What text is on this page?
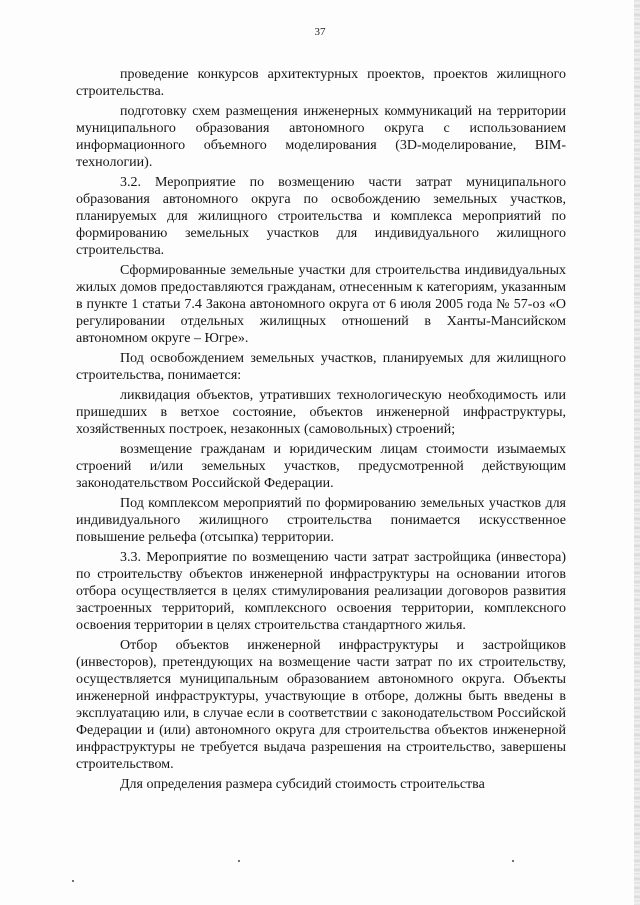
37

проведение конкурсов архитектурных проектов, проектов жилищного строительства.

подготовку схем размещения инженерных коммуникаций на территории муниципального образования автономного округа с использованием информационного объемного моделирования (3D-моделирование, BIM-технологии).

3.2. Мероприятие по возмещению части затрат муниципального образования автономного округа по освобождению земельных участков, планируемых для жилищного строительства и комплекса мероприятий по формированию земельных участков для индивидуального жилищного строительства.

Сформированные земельные участки для строительства индивидуальных жилых домов предоставляются гражданам, отнесенным к категориям, указанным в пункте 1 статьи 7.4 Закона автономного округа от 6 июля 2005 года № 57-оз «О регулировании отдельных жилищных отношений в Ханты-Мансийском автономном округе – Югре».

Под освобождением земельных участков, планируемых для жилищного строительства, понимается:

ликвидация объектов, утративших технологическую необходимость или пришедших в ветхое состояние, объектов инженерной инфраструктуры, хозяйственных построек, незаконных (самовольных) строений;

возмещение гражданам и юридическим лицам стоимости изымаемых строений и/или земельных участков, предусмотренной действующим законодательством Российской Федерации.

Под комплексом мероприятий по формированию земельных участков для индивидуального жилищного строительства понимается искусственное повышение рельефа (отсыпка) территории.

3.3. Мероприятие по возмещению части затрат застройщика (инвестора) по строительству объектов инженерной инфраструктуры на основании итогов отбора осуществляется в целях стимулирования реализации договоров развития застроенных территорий, комплексного освоения территории, комплексного освоения территории в целях строительства стандартного жилья.

Отбор объектов инженерной инфраструктуры и застройщиков (инвесторов), претендующих на возмещение части затрат по их строительству, осуществляется муниципальным образованием автономного округа. Объекты инженерной инфраструктуры, участвующие в отборе, должны быть введены в эксплуатацию или, в случае если в соответствии с законодательством Российской Федерации и (или) автономного округа для строительства объектов инженерной инфраструктуры не требуется выдача разрешения на строительство, завершены строительством.

Для определения размера субсидий стоимость строительства
